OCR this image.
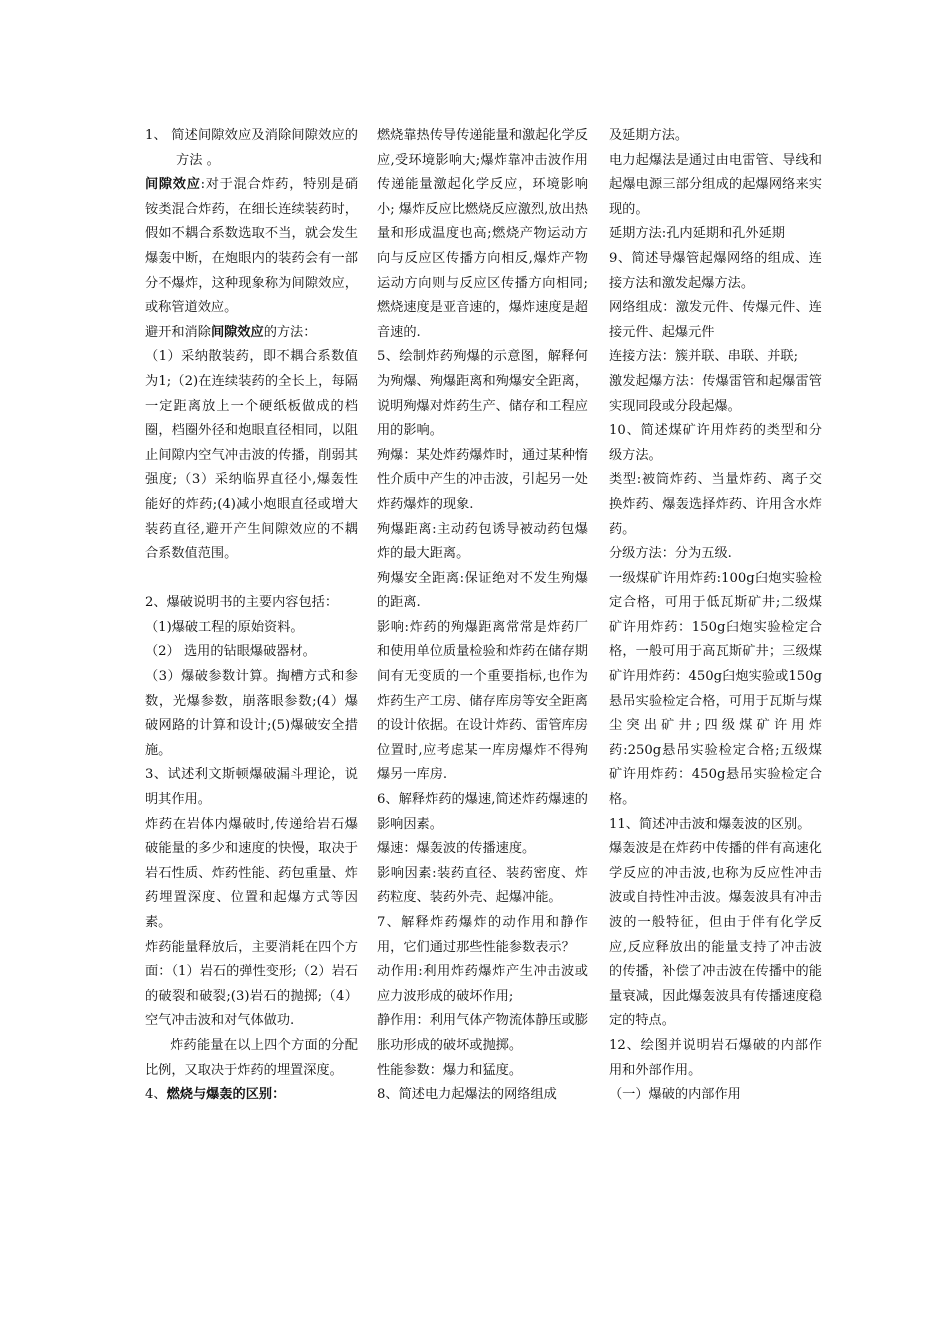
1、 简述间隙效应及消除间隙效应的方法 。

间隙效应:对于混合炸药，特别是硝铵类混合炸药，在细长连续装药时，假如不耦合系数选取不当，就会发生爆轰中断，在炮眼内的装药会有一部分不爆炸，这种现象称为间隙效应，或称管道效应。

避开和消除间隙效应的方法：

（1）采纳散装药，即不耦合系数值为1;（2)在连续装药的全长上，每隔一定距离放上一个硬纸板做成的档圈，档圈外径和炮眼直径相同，以阻止间隙内空气冲击波的传播，削弱其强度;（3）采纳临界直径小,爆轰性能好的炸药;(4)减小炮眼直径或增大装药直径,避开产生间隙效应的不耦合系数值范围。

2、爆破说明书的主要内容包括：

（1)爆破工程的原始资料。

（2） 选用的钻眼爆破器材。

（3）爆破参数计算。掏槽方式和参数，光爆参数，崩落眼参数;(4）爆破网路的计算和设计;(5)爆破安全措施。

3、试述利文斯顿爆破漏斗理论，说明其作用。

炸药在岩体内爆破时,传递给岩石爆破能量的多少和速度的快慢，取决于岩石性质、炸药性能、药包重量、炸药埋置深度、位置和起爆方式等因素。

炸药能量释放后，主要消耗在四个方面：（1）岩石的弹性变形;（2）岩石的破裂和破裂;(3)岩石的抛掷;（4）空气冲击波和对气体做功.

炸药能量在以上四个方面的分配比例，又取决于炸药的埋置深度。

4、燃烧与爆轰的区别：

燃烧靠热传导传递能量和激起化学反应,受环境影响大;爆炸靠冲击波作用传递能量激起化学反应，环境影响小; 爆炸反应比燃烧反应激烈,放出热量和形成温度也高;燃烧产物运动方向与反应区传播方向相反,爆炸产物运动方向则与反应区传播方向相同;燃烧速度是亚音速的，爆炸速度是超音速的.

5、绘制炸药殉爆的示意图，解释何为殉爆、殉爆距离和殉爆安全距离，说明殉爆对炸药生产、储存和工程应用的影响。

殉爆：某处炸药爆炸时，通过某种惰性介质中产生的冲击波，引起另一处炸药爆炸的现象.

殉爆距离:主动药包诱导被动药包爆炸的最大距离。

殉爆安全距离:保证绝对不发生殉爆的距离.

影响:炸药的殉爆距离常常是炸药厂和使用单位质量检验和炸药在储存期间有无变质的一个重要指标,也作为炸药生产工房、储存库房等安全距离的设计依据。在设计炸药、雷管库房位置时,应考虑某一库房爆炸不得殉爆另一库房.

6、解释炸药的爆速,简述炸药爆速的影响因素。

爆速：爆轰波的传播速度。

影响因素:装药直径、装药密度、炸药粒度、装药外壳、起爆冲能。

7、解释炸药爆炸的动作用和静作用，它们通过那些性能参数表示？

动作用:利用炸药爆炸产生冲击波或应力波形成的破坏作用;

静作用：利用气体产物流体静压或膨胀功形成的破坏或抛掷。

性能参数：爆力和猛度。

8、简述电力起爆法的网络组成

及延期方法。

电力起爆法是通过由电雷管、导线和起爆电源三部分组成的起爆网络来实现的。

延期方法:孔内延期和孔外延期

9、简述导爆管起爆网络的组成、连接方法和激发起爆方法。

网络组成：激发元件、传爆元件、连接元件、起爆元件

连接方法：簇并联、串联、并联;

激发起爆方法：传爆雷管和起爆雷管实现同段或分段起爆。

10、简述煤矿许用炸药的类型和分级方法。

类型:被筒炸药、当量炸药、离子交换炸药、爆轰选择炸药、许用含水炸药。

分级方法：分为五级.

一级煤矿许用炸药:100g臼炮实验检定合格，可用于低瓦斯矿井;二级煤矿许用炸药：150g臼炮实验检定合格，一般可用于高瓦斯矿井；三级煤矿许用炸药：450g臼炮实验或150g悬吊实验检定合格，可用于瓦斯与煤尘突出矿井;四级煤矿许用炸药:250g悬吊实验检定合格;五级煤矿许用炸药：450g悬吊实验检定合格。

11、简述冲击波和爆轰波的区别。

爆轰波是在炸药中传播的伴有高速化学反应的冲击波,也称为反应性冲击波或自持性冲击波。爆轰波具有冲击波的一般特征，但由于伴有化学反应,反应释放出的能量支持了冲击波的传播，补偿了冲击波在传播中的能量衰减，因此爆轰波具有传播速度稳定的特点。

12、绘图并说明岩石爆破的内部作用和外部作用。

（一）爆破的内部作用
